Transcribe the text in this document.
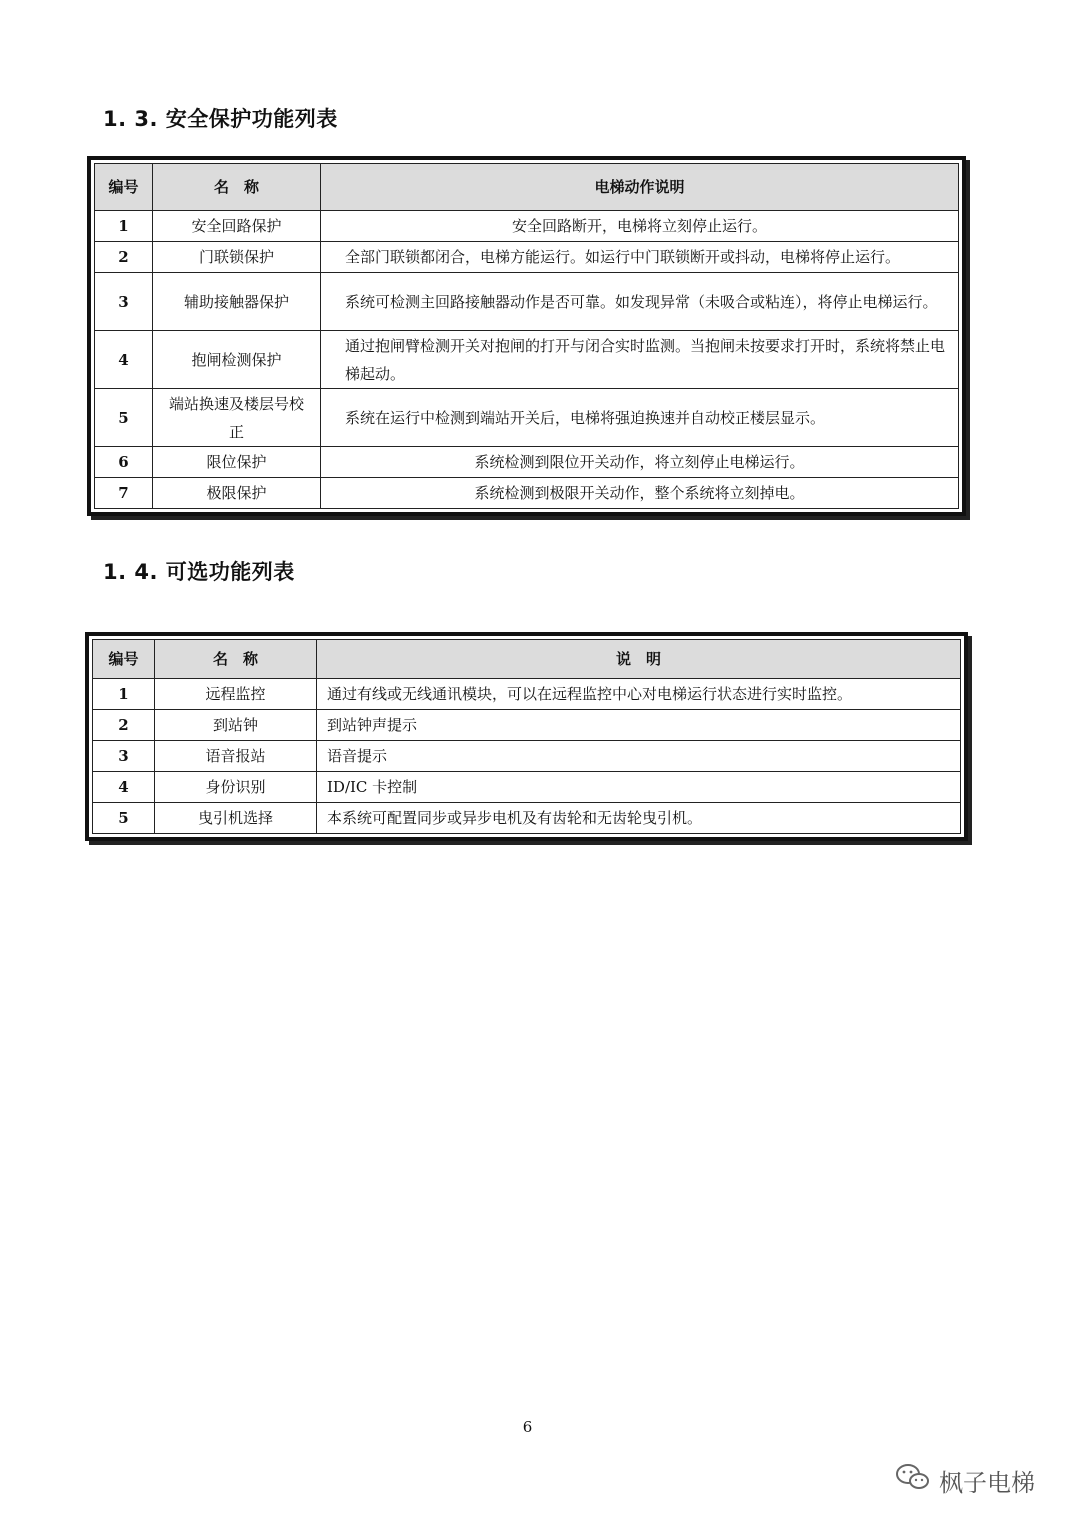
1. 3. 安全保护功能列表
编号	名　称	电梯动作说明
1	安全回路保护	安全回路断开，电梯将立刻停止运行。
2	门联锁保护	全部门联锁都闭合，电梯方能运行。如运行中门联锁断开或抖动，电梯将停止运行。
3	辅助接触器保护	系统可检测主回路接触器动作是否可靠。如发现异常（未吸合或粘连），将停止电梯运行。
4	抱闸检测保护	通过抱闸臂检测开关对抱闸的打开与闭合实时监测。当抱闸未按要求打开时，系统将禁止电梯起动。
5	端站换速及楼层号校正	系统在运行中检测到端站开关后，电梯将强迫换速并自动校正楼层显示。
6	限位保护	系统检测到限位开关动作，将立刻停止电梯运行。
7	极限保护	系统检测到极限开关动作，整个系统将立刻掉电。
1. 4. 可选功能列表
编号	名　称	说　明
1	远程监控	通过有线或无线通讯模块，可以在远程监控中心对电梯运行状态进行实时监控。
2	到站钟	到站钟声提示
3	语音报站	语音提示
4	身份识别	ID/IC 卡控制
5	曳引机选择	本系统可配置同步或异步电机及有齿轮和无齿轮曳引机。
6
枫子电梯
